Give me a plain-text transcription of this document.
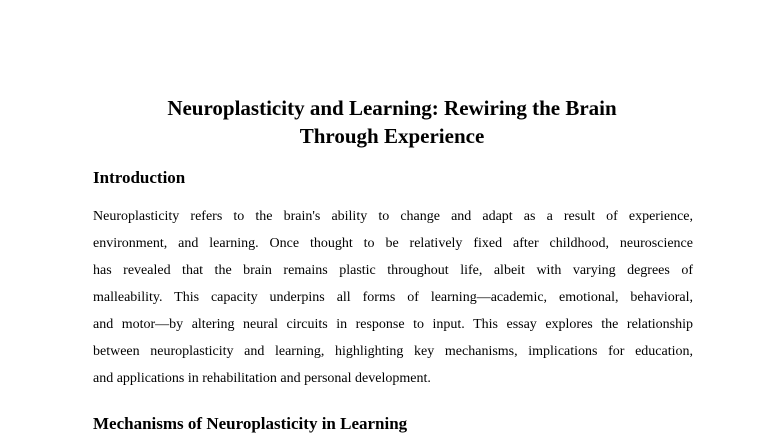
Neuroplasticity and Learning: Rewiring the Brain
Through Experience
Introduction

Neuroplasticity refers to the brain's ability to change and adapt as a result of experience,
environment, and learning. Once thought to be relatively fixed after childhood, neuroscience
has revealed that the brain remains plastic throughout life, albeit with varying degrees of
malleability. This capacity underpins all forms of learning—academic, emotional, behavioral,
and motor—by altering neural circuits in response to input. This essay explores the relationship
between neuroplasticity and learning, highlighting key mechanisms, implications for education,
and applications in rehabilitation and personal development.

Mechanisms of Neuroplasticity in Learning
